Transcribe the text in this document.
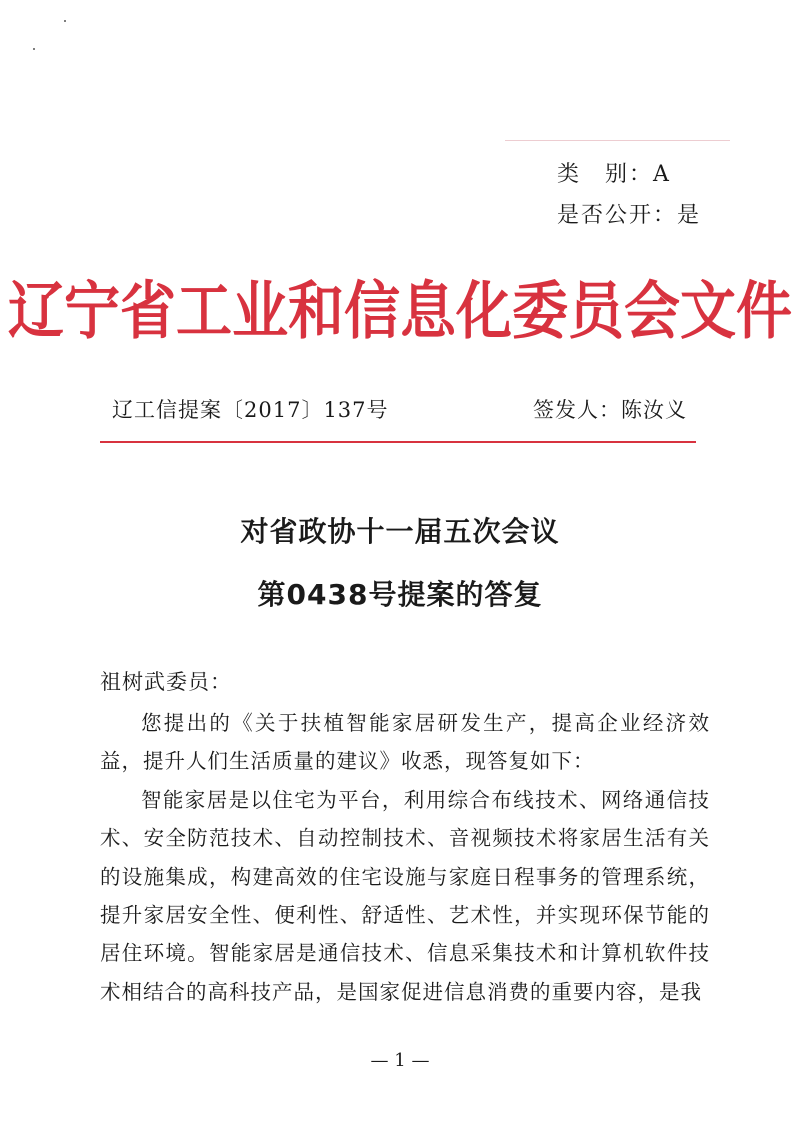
类　别：A
是否公开：是
辽宁省工业和信息化委员会文件
辽工信提案〔2017〕137号	签发人：陈汝义
对省政协十一届五次会议
第0438号提案的答复
祖树武委员：

您提出的《关于扶植智能家居研发生产，提高企业经济效益，提升人们生活质量的建议》收悉，现答复如下：

智能家居是以住宅为平台，利用综合布线技术、网络通信技术、安全防范技术、自动控制技术、音视频技术将家居生活有关的设施集成，构建高效的住宅设施与家庭日程事务的管理系统，提升家居安全性、便利性、舒适性、艺术性，并实现环保节能的居住环境。智能家居是通信技术、信息采集技术和计算机软件技术相结合的高科技产品，是国家促进信息消费的重要内容，是我

— 1 —
